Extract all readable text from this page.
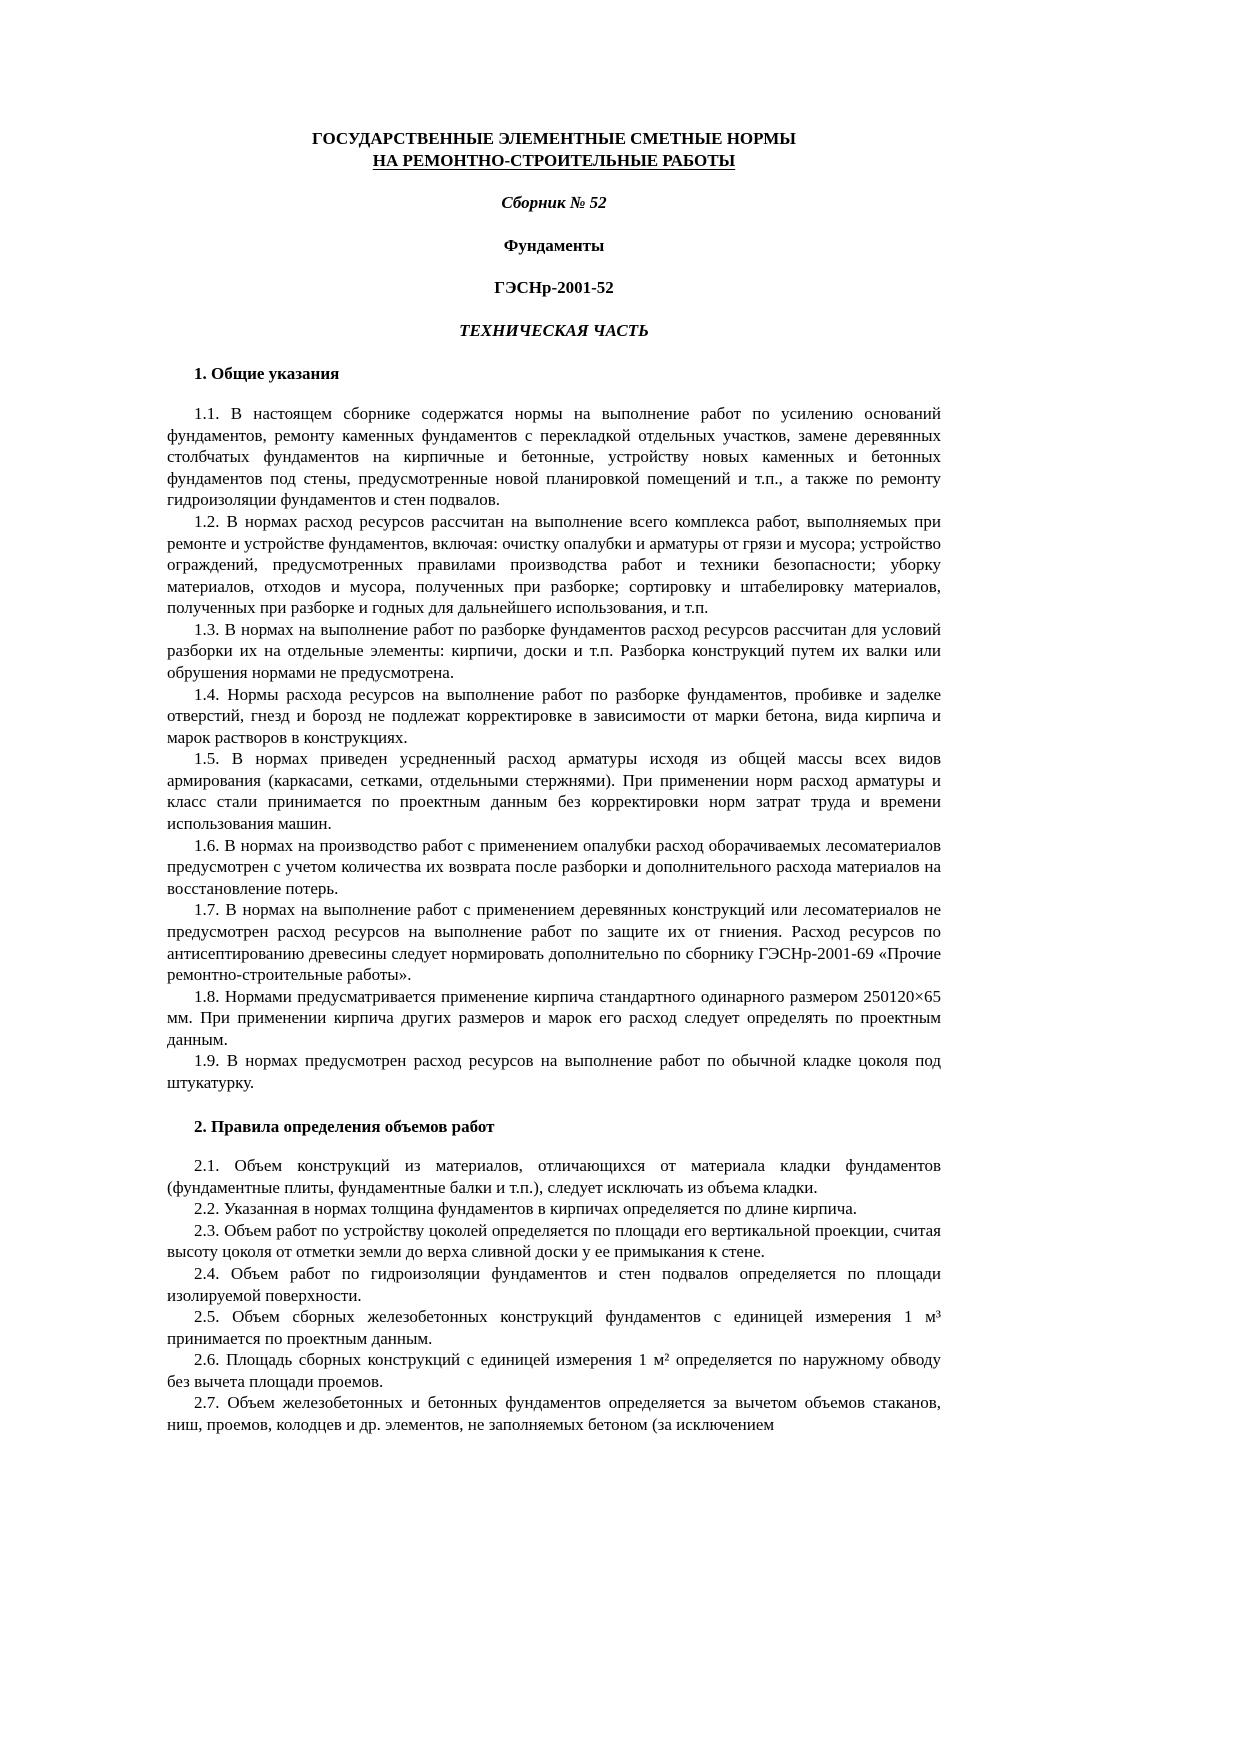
ГОСУДАРСТВЕННЫЕ ЭЛЕМЕНТНЫЕ СМЕТНЫЕ НОРМЫ
НА РЕМОНТНО-СТРОИТЕЛЬНЫЕ РАБОТЫ

Сборник № 52

Фундаменты

ГЭСНр-2001-52

ТЕХНИЧЕСКАЯ ЧАСТЬ

1. Общие указания

1.1. В настоящем сборнике содержатся нормы на выполнение работ по усилению оснований фундаментов, ремонту каменных фундаментов с перекладкой отдельных участков, замене деревянных столбчатых фундаментов на кирпичные и бетонные, устройству новых каменных и бетонных фундаментов под стены, предусмотренные новой планировкой помещений и т.п., а также по ремонту гидроизоляции фундаментов и стен подвалов.

1.2. В нормах расход ресурсов рассчитан на выполнение всего комплекса работ, выполняемых при ремонте и устройстве фундаментов, включая: очистку опалубки и арматуры от грязи и мусора; устройство ограждений, предусмотренных правилами производства работ и техники безопасности; уборку материалов, отходов и мусора, полученных при разборке; сортировку и штабелировку материалов, полученных при разборке и годных для дальнейшего использования, и т.п.

1.3. В нормах на выполнение работ по разборке фундаментов расход ресурсов рассчитан для условий разборки их на отдельные элементы: кирпичи, доски и т.п. Разборка конструкций путем их валки или обрушения нормами не предусмотрена.

1.4. Нормы расхода ресурсов на выполнение работ по разборке фундаментов, пробивке и заделке отверстий, гнезд и борозд не подлежат корректировке в зависимости от марки бетона, вида кирпича и марок растворов в конструкциях.

1.5. В нормах приведен усредненный расход арматуры исходя из общей массы всех видов армирования (каркасами, сетками, отдельными стержнями). При применении норм расход арматуры и класс стали принимается по проектным данным без корректировки норм затрат труда и времени использования машин.

1.6. В нормах на производство работ с применением опалубки расход оборачиваемых лесоматериалов предусмотрен с учетом количества их возврата после разборки и дополнительного расхода материалов на восстановление потерь.

1.7. В нормах на выполнение работ с применением деревянных конструкций или лесоматериалов не предусмотрен расход ресурсов на выполнение работ по защите их от гниения. Расход ресурсов по антисептированию древесины следует нормировать дополнительно по сборнику ГЭСНр-2001-69 «Прочие ремонтно-строительные работы».

1.8. Нормами предусматривается применение кирпича стандартного одинарного размером 250120×65 мм. При применении кирпича других размеров и марок его расход следует определять по проектным данным.

1.9. В нормах предусмотрен расход ресурсов на выполнение работ по обычной кладке цоколя под штукатурку.

2. Правила определения объемов работ

2.1. Объем конструкций из материалов, отличающихся от материала кладки фундаментов (фундаментные плиты, фундаментные балки и т.п.), следует исключать из объема кладки.

2.2. Указанная в нормах толщина фундаментов в кирпичах определяется по длине кирпича.

2.3. Объем работ по устройству цоколей определяется по площади его вертикальной проекции, считая высоту цоколя от отметки земли до верха сливной доски у ее примыкания к стене.

2.4. Объем работ по гидроизоляции фундаментов и стен подвалов определяется по площади изолируемой поверхности.

2.5. Объем сборных железобетонных конструкций фундаментов с единицей измерения 1 м³ принимается по проектным данным.

2.6. Площадь сборных конструкций с единицей измерения 1 м² определяется по наружному обводу без вычета площади проемов.

2.7. Объем железобетонных и бетонных фундаментов определяется за вычетом объемов стаканов, ниш, проемов, колодцев и др. элементов, не заполняемых бетоном (за исключением
